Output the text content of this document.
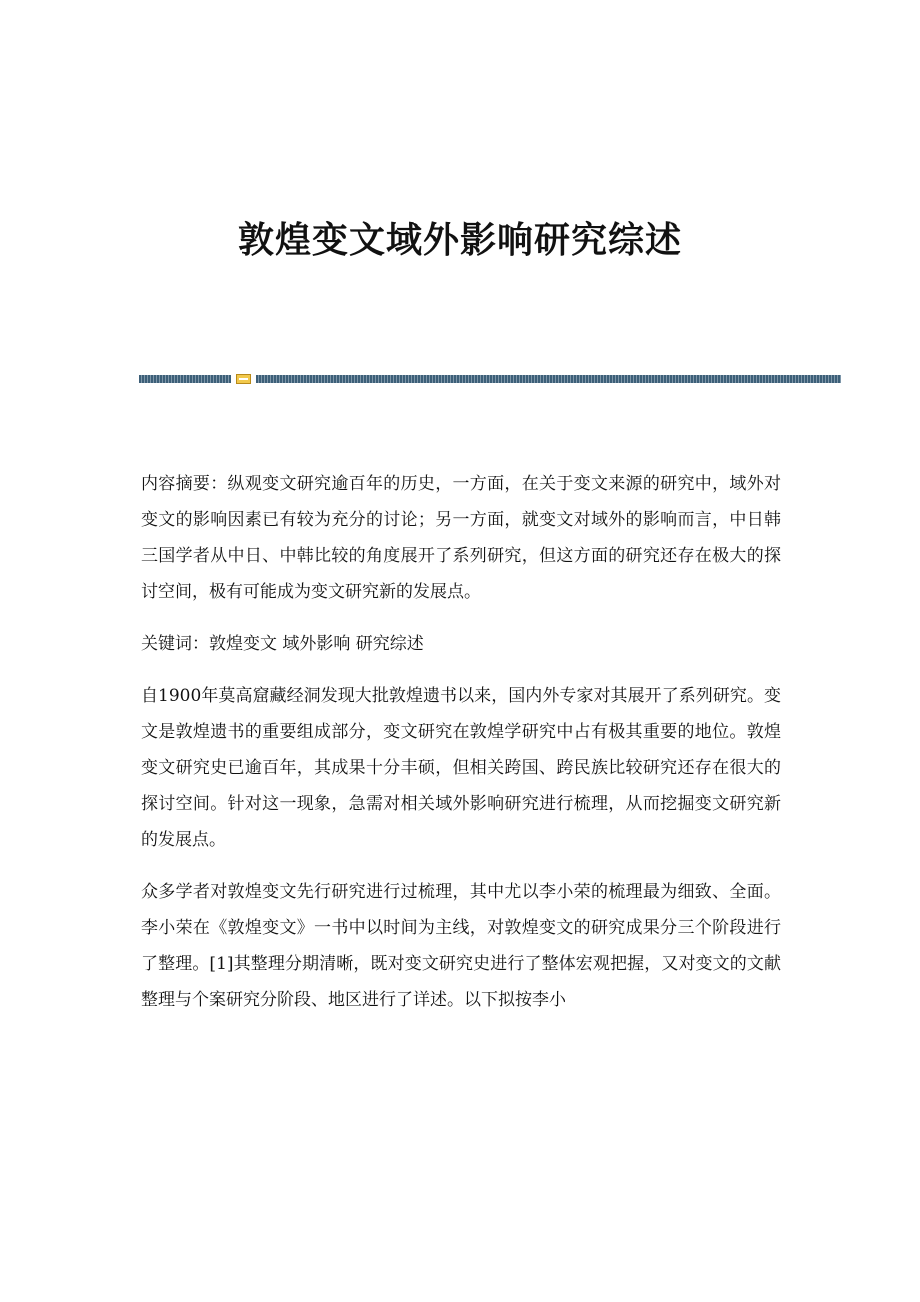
敦煌变文域外影响研究综述

内容摘要：纵观变文研究逾百年的历史，一方面，在关于变文来源的研究中，域外对变文的影响因素已有较为充分的讨论；另一方面，就变文对域外的影响而言，中日韩三国学者从中日、中韩比较的角度展开了系列研究，但这方面的研究还存在极大的探讨空间，极有可能成为变文研究新的发展点。

关键词：敦煌变文 域外影响 研究综述

自1900年莫高窟藏经洞发现大批敦煌遗书以来，国内外专家对其展开了系列研究。变文是敦煌遗书的重要组成部分，变文研究在敦煌学研究中占有极其重要的地位。敦煌变文研究史已逾百年，其成果十分丰硕，但相关跨国、跨民族比较研究还存在很大的探讨空间。针对这一现象，急需对相关域外影响研究进行梳理，从而挖掘变文研究新的发展点。

众多学者对敦煌变文先行研究进行过梳理，其中尤以李小荣的梳理最为细致、全面。李小荣在《敦煌变文》一书中以时间为主线，对敦煌变文的研究成果分三个阶段进行了整理。[1]其整理分期清晰，既对变文研究史进行了整体宏观把握，又对变文的文献整理与个案研究分阶段、地区进行了详述。以下拟按李小
